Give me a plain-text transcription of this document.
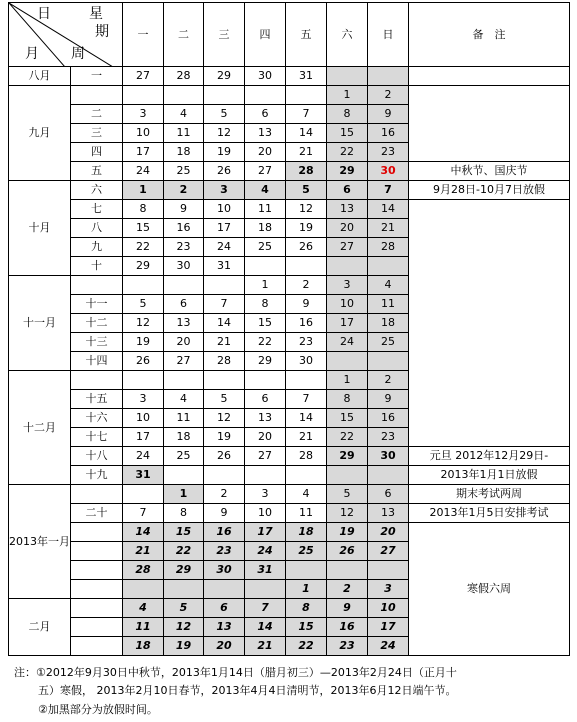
日 星
期
月 周		一	二	三	四	五	六	日	备　注
八月	一	27	28	29	30	31			
九月							1	2	
	二	3	4	5	6	7	8	9	
	三	10	11	12	13	14	15	16	
	四	17	18	19	20	21	22	23	
	五	24	25	26	27	28	29	30	中秋节、国庆节
十月	六	1	2	3	4	5	6	7	9月28日-10月7日放假
	七	8	9	10	11	12	13	14	
	八	15	16	17	18	19	20	21	
	九	22	23	24	25	26	27	28	
	十	29	30	31					
十一月					1	2	3	4	
	十一	5	6	7	8	9	10	11	
	十二	12	13	14	15	16	17	18	
	十三	19	20	21	22	23	24	25	
	十四	26	27	28	29	30			
十二月							1	2	
	十五	3	4	5	6	7	8	9	
	十六	10	11	12	13	14	15	16	
	十七	17	18	19	20	21	22	23	
	十八	24	25	26	27	28	29	30	元旦 2012年12月29日-
	十九	31							2013年1月1日放假
2013年一月			1	2	3	4	5	6	期末考试两周
	二十	7	8	9	10	11	12	13	2013年1月5日安排考试
		14	15	16	17	18	19	20	寒假六周
		21	22	23	24	25	26	27	
		28	29	30	31				
						1	2	3	
二月		4	5	6	7	8	9	10	
		11	12	13	14	15	16	17	
		18	19	20	21	22	23	24	
注：①2012年9月30日中秋节，2013年1月14日（腊月初三）—2013年2月24日（正月十
五）寒假， 2013年2月10日春节，2013年4月4日清明节，2013年6月12日端午节。
②加黑部分为放假时间。
